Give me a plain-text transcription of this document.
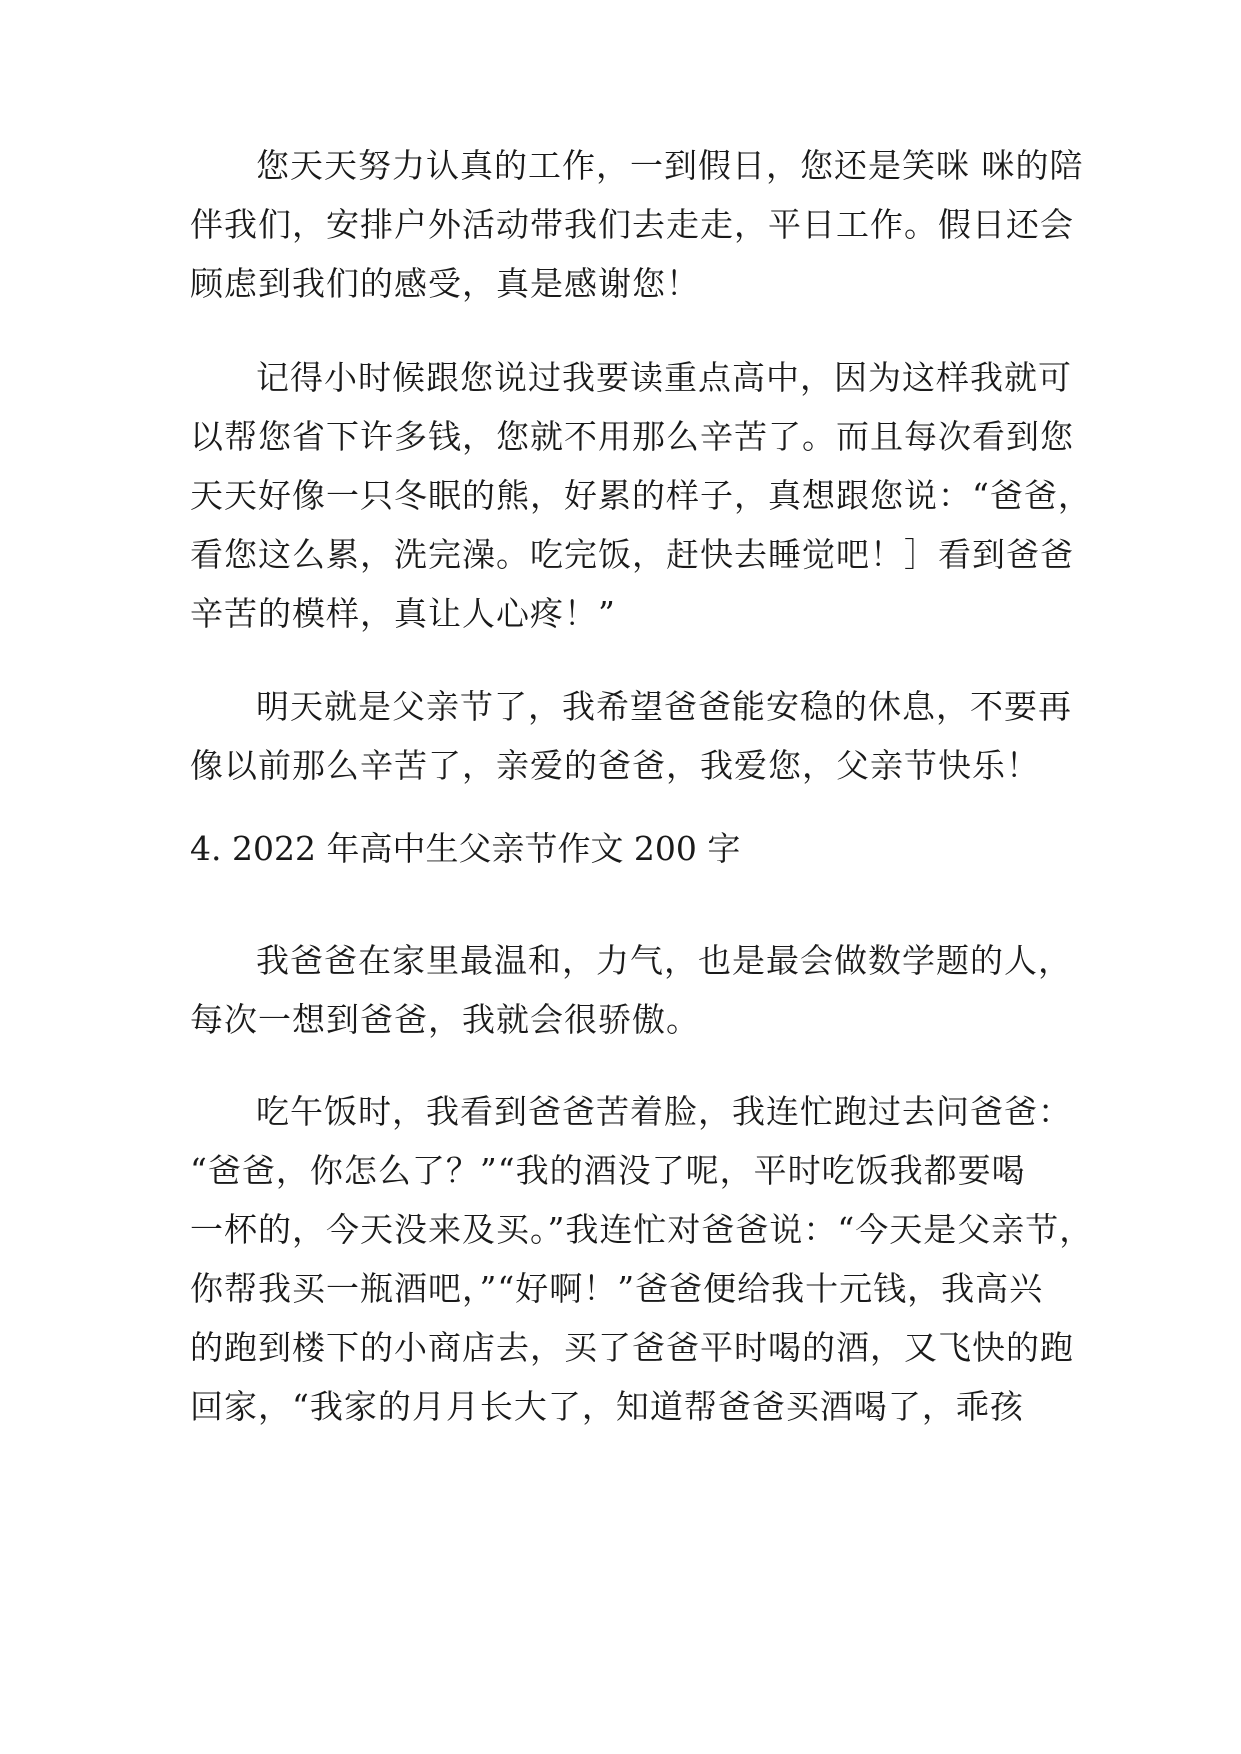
您天天努力认真的工作，一到假日，您还是笑咪 咪的陪
伴我们，安排户外活动带我们去走走，平日工作。假日还会
顾虑到我们的感受，真是感谢您！
记得小时候跟您说过我要读重点高中，因为这样我就可
以帮您省下许多钱，您就不用那么辛苦了。而且每次看到您
天天好像一只冬眠的熊，好累的样子，真想跟您说：“爸爸，
看您这么累，洗完澡。吃完饭，赶快去睡觉吧！］看到爸爸
辛苦的模样，真让人心疼！”
明天就是父亲节了，我希望爸爸能安稳的休息，不要再
像以前那么辛苦了，亲爱的爸爸，我爱您，父亲节快乐！
4. 2022 年高中生父亲节作文 200 字
我爸爸在家里最温和，力气，也是最会做数学题的人，
每次一想到爸爸，我就会很骄傲。
吃午饭时，我看到爸爸苦着脸，我连忙跑过去问爸爸：
“爸爸，你怎么了？”“我的酒没了呢，平时吃饭我都要喝
一杯的，今天没来及买。”我连忙对爸爸说：“今天是父亲节，
你帮我买一瓶酒吧，”“好啊！”爸爸便给我十元钱，我高兴
的跑到楼下的小商店去，买了爸爸平时喝的酒，又飞快的跑
回家，“我家的月月长大了，知道帮爸爸买酒喝了，乖孩
